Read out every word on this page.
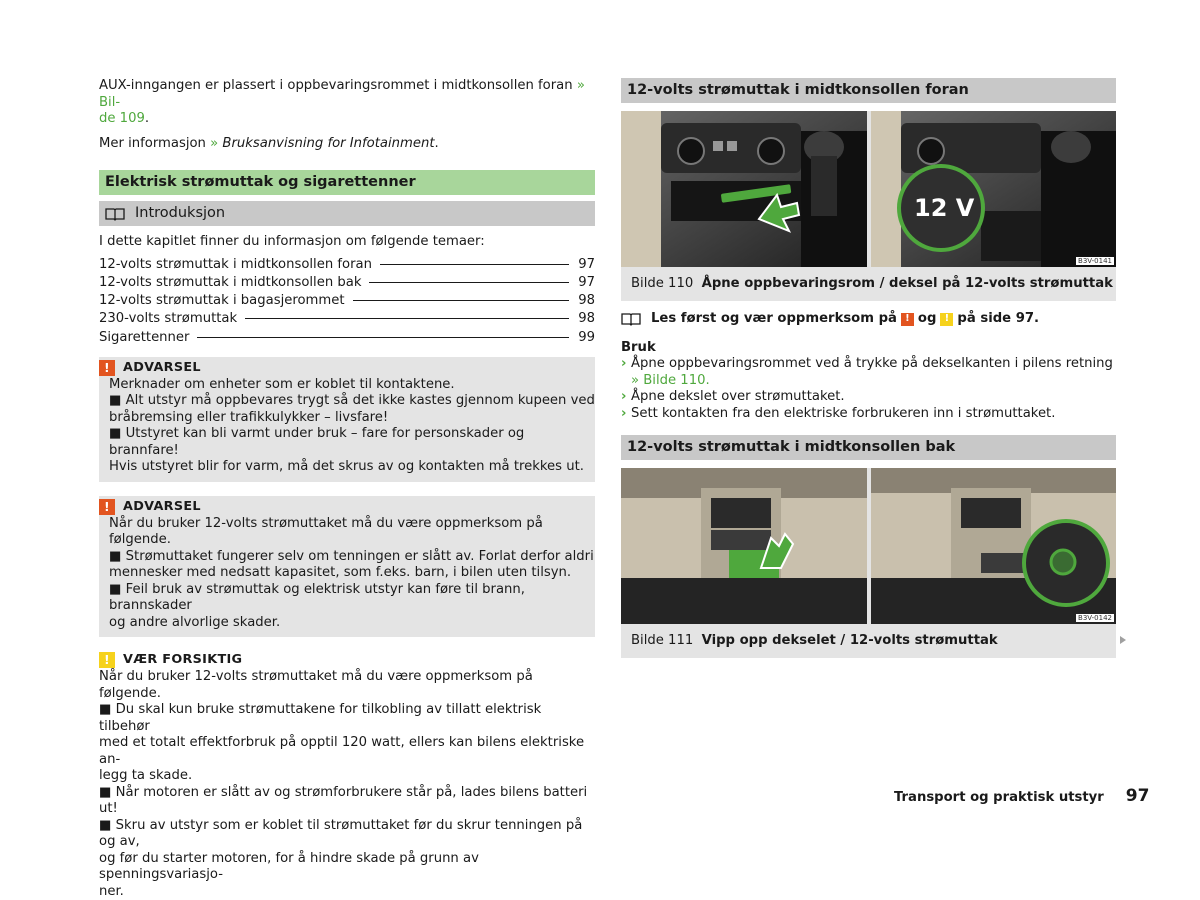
AUX-inngangen er plassert i oppbevaringsrommet i midtkonsollen foran » Bil-
de 109.
Mer informasjon » Bruksanvisning for Infotainment.
Elektrisk strømuttak og sigarettenner
Introduksjon
I dette kapitlet finner du informasjon om følgende temaer:
12-volts strømuttak i midtkonsollen foran	97
12-volts strømuttak i midtkonsollen bak	97
12-volts strømuttak i bagasjerommet	98
230-volts strømuttak	98
Sigarettenner	99
!	ADVARSEL
Merknader om enheter som er koblet til kontaktene.
■ Alt utstyr må oppbevares trygt så det ikke kastes gjennom kupeen ved
bråbremsing eller trafikkulykker – livsfare!
■ Utstyret kan bli varmt under bruk – fare for personskader og brannfare!
Hvis utstyret blir for varm, må det skrus av og kontakten må trekkes ut.
!	ADVARSEL
Når du bruker 12-volts strømuttaket må du være oppmerksom på følgende.
■ Strømuttaket fungerer selv om tenningen er slått av. Forlat derfor aldri
mennesker med nedsatt kapasitet, som f.eks. barn, i bilen uten tilsyn.
■ Feil bruk av strømuttak og elektrisk utstyr kan føre til brann, brannskader
og andre alvorlige skader.
!	VÆR FORSIKTIG
Når du bruker 12-volts strømuttaket må du være oppmerksom på følgende.
■ Du skal kun bruke strømuttakene for tilkobling av tillatt elektrisk tilbehør
med et totalt effektforbruk på opptil 120 watt, ellers kan bilens elektriske an-
legg ta skade.
■ Når motoren er slått av og strømforbrukere står på, lades bilens batteri ut!
■ Skru av utstyr som er koblet til strømuttaket før du skrur tenningen på og av,
og før du starter motoren, for å hindre skade på grunn av spenningsvariasjo-
ner.
12-volts strømuttak i midtkonsollen foran
12 V
B3V-0141
Bilde 110 Åpne oppbevaringsrom / deksel på 12-volts strømuttak
Les først og vær oppmerksom på ! og ! på side 97.
Bruk
› Åpne oppbevaringsrommet ved å trykke på dekselkanten i pilens retning
» Bilde 110.
› Åpne dekslet over strømuttaket.
› Sett kontakten fra den elektriske forbrukeren inn i strømuttaket.
12-volts strømuttak i midtkonsollen bak
B3V-0142
Bilde 111 Vipp opp dekselet / 12-volts strømuttak
Transport og praktisk utstyr 97
